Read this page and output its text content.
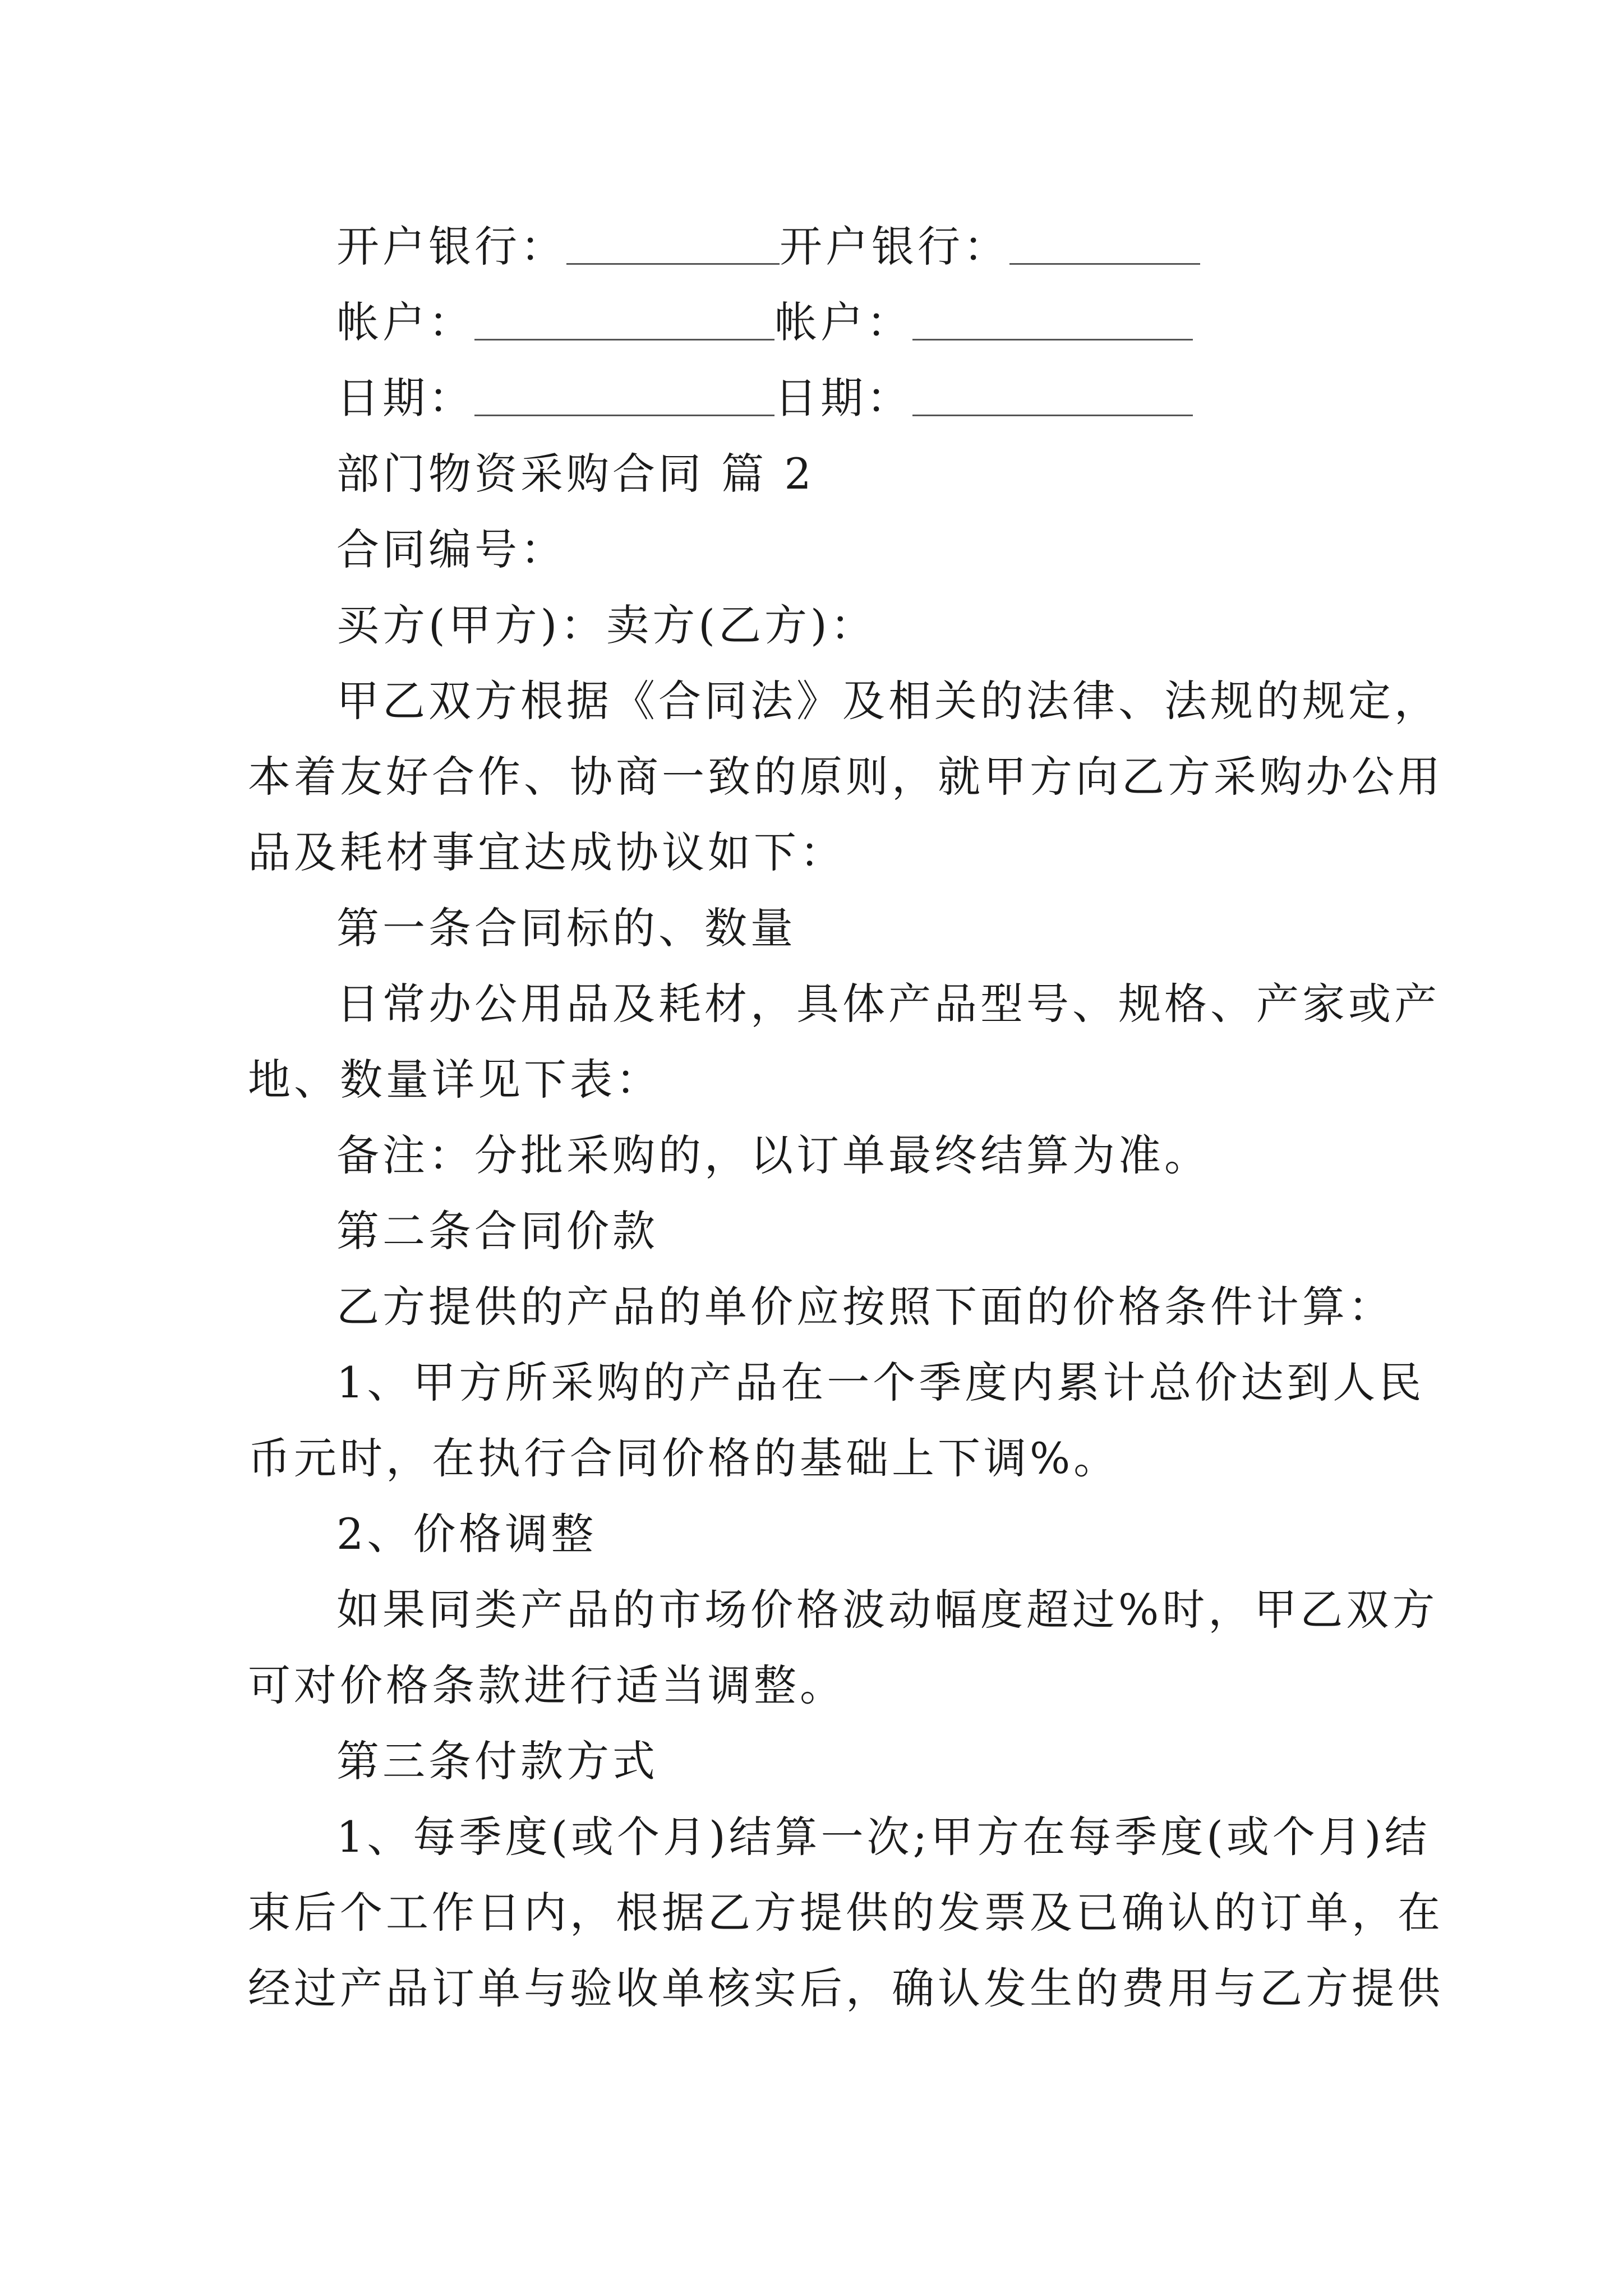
开户银行：	开户银行：
帐户：	帐户：
日期：	日期：
部门物资采购合同 篇 2
合同编号：
买方(甲方)：卖方(乙方)：
甲乙双方根据《合同法》及相关的法律、法规的规定，
本着友好合作、协商一致的原则，就甲方向乙方采购办公用
品及耗材事宜达成协议如下：
第一条合同标的、数量
日常办公用品及耗材，具体产品型号、规格、产家或产
地、数量详见下表：
备注：分批采购的，以订单最终结算为准。
第二条合同价款
乙方提供的产品的单价应按照下面的价格条件计算：
1、甲方所采购的产品在一个季度内累计总价达到人民
币元时，在执行合同价格的基础上下调%。
2、价格调整
如果同类产品的市场价格波动幅度超过%时，甲乙双方
可对价格条款进行适当调整。
第三条付款方式
1、每季度(或个月)结算一次;甲方在每季度(或个月)结
束后个工作日内，根据乙方提供的发票及已确认的订单，在
经过产品订单与验收单核实后，确认发生的费用与乙方提供
